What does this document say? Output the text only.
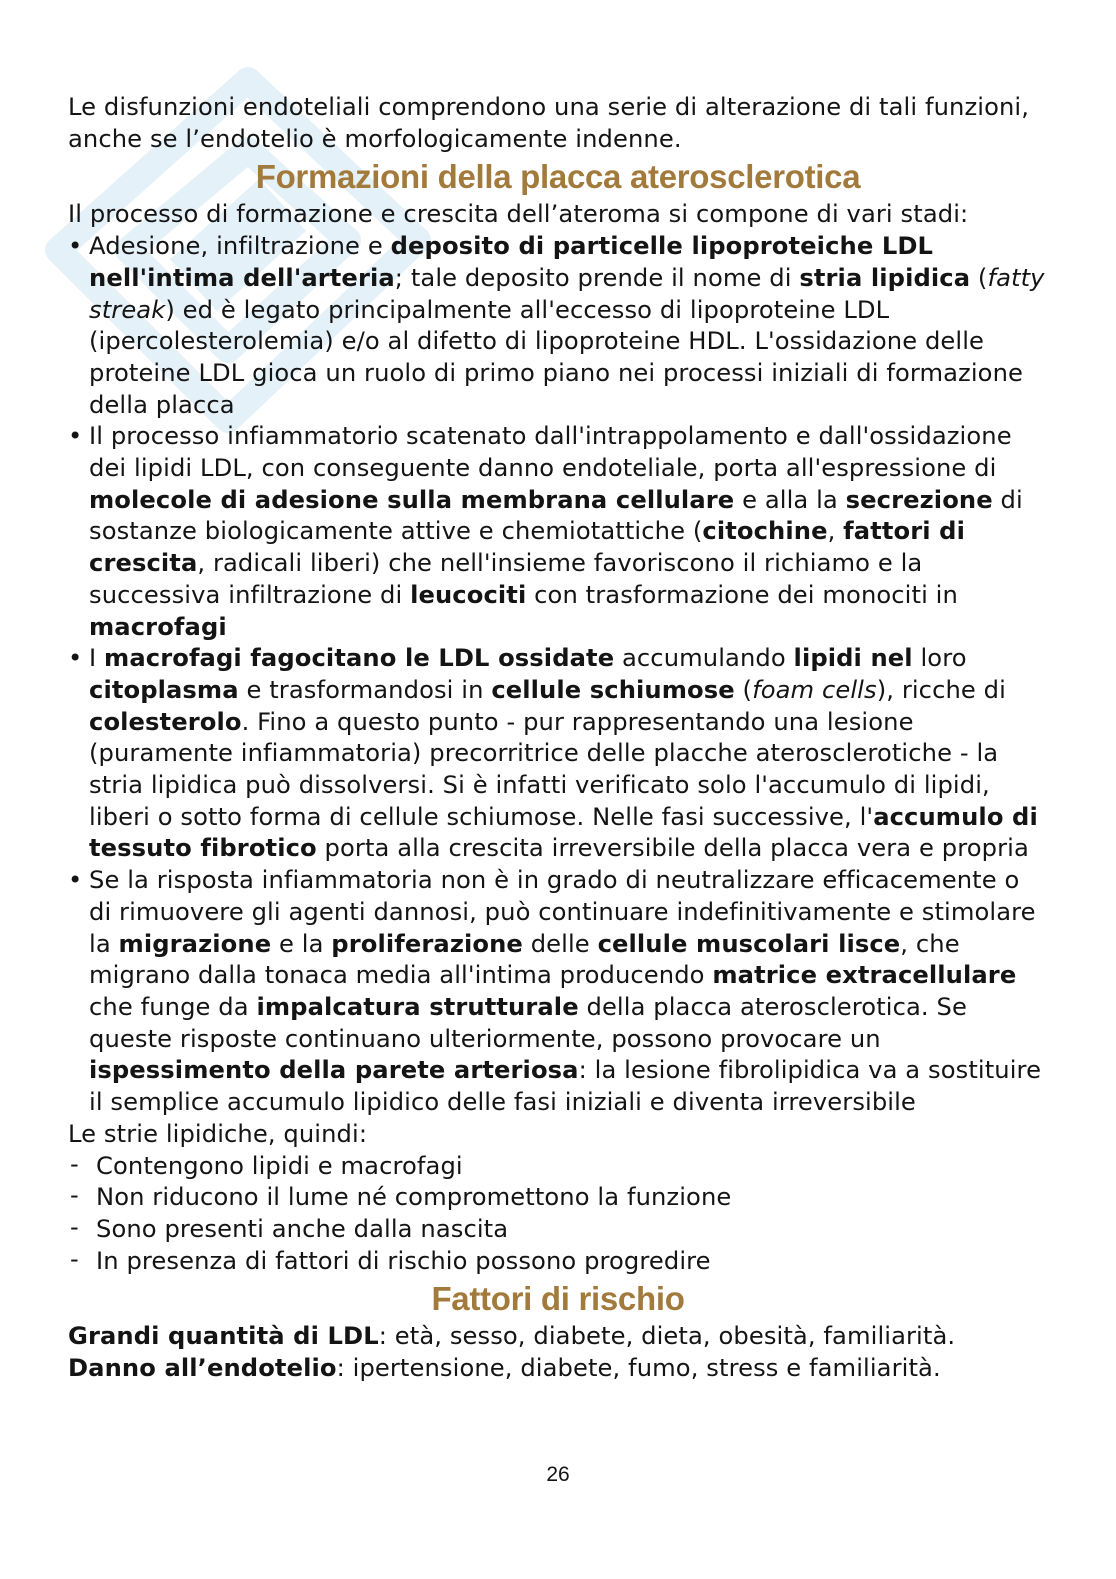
Le disfunzioni endoteliali comprendono una serie di alterazione di tali funzioni, anche se l’endotelio è morfologicamente indenne.

Formazioni della placca aterosclerotica

Il processo di formazione e crescita dell’ateroma si compone di vari stadi:

• Adesione, infiltrazione e deposito di particelle lipoproteiche LDL nell'intima dell'arteria; tale deposito prende il nome di stria lipidica (fatty streak) ed è legato principalmente all'eccesso di lipoproteine LDL (ipercolesterolemia) e/o al difetto di lipoproteine HDL. L'ossidazione delle proteine LDL gioca un ruolo di primo piano nei processi iniziali di formazione della placca
• Il processo infiammatorio scatenato dall'intrappolamento e dall'ossidazione dei lipidi LDL, con conseguente danno endoteliale, porta all'espressione di molecole di adesione sulla membrana cellulare e alla la secrezione di sostanze biologicamente attive e chemiotattiche (citochine, fattori di crescita, radicali liberi) che nell'insieme favoriscono il richiamo e la successiva infiltrazione di leucociti con trasformazione dei monociti in macrofagi
• I macrofagi fagocitano le LDL ossidate accumulando lipidi nel loro citoplasma e trasformandosi in cellule schiumose (foam cells), ricche di colesterolo. Fino a questo punto - pur rappresentando una lesione (puramente infiammatoria) precorritrice delle placche aterosclerotiche - la stria lipidica può dissolversi. Si è infatti verificato solo l'accumulo di lipidi, liberi o sotto forma di cellule schiumose. Nelle fasi successive, l'accumulo di tessuto fibrotico porta alla crescita irreversibile della placca vera e propria
• Se la risposta infiammatoria non è in grado di neutralizzare efficacemente o di rimuovere gli agenti dannosi, può continuare indefinitivamente e stimolare la migrazione e la proliferazione delle cellule muscolari lisce, che migrano dalla tonaca media all'intima producendo matrice extracellulare che funge da impalcatura strutturale della placca aterosclerotica. Se queste risposte continuano ulteriormente, possono provocare un ispessimento della parete arteriosa: la lesione fibrolipidica va a sostituire il semplice accumulo lipidico delle fasi iniziali e diventa irreversibile

Le strie lipidiche, quindi:

- Contengono lipidi e macrofagi
- Non riducono il lume né compromettono la funzione
- Sono presenti anche dalla nascita
- In presenza di fattori di rischio possono progredire
Fattori di rischio

Grandi quantità di LDL: età, sesso, diabete, dieta, obesità, familiarità.

Danno all’endotelio: ipertensione, diabete, fumo, stress e familiarità.

26
